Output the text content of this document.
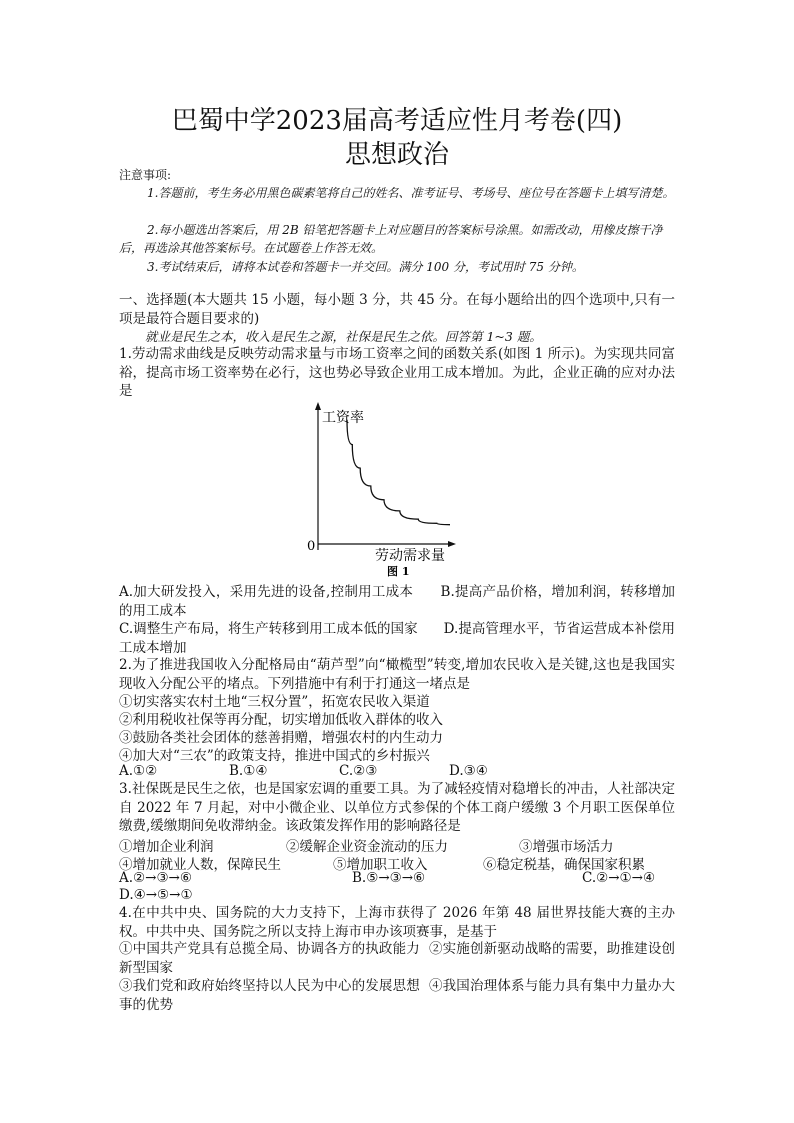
巴蜀中学2023届高考适应性月考卷(四)
思想政治
注意事项:
1.答题前，考生务必用黑色碳素笔将自己的姓名、准考证号、考场号、座位号在答题卡上填写清楚。
2.每小题选出答案后，用 2B 铅笔把答题卡上对应题目的答案标号涂黑。如需改动，用橡皮擦干净后，再选涂其他答案标号。在试题卷上作答无效。
3.考试结束后，请将本试卷和答题卡一并交回。满分 100 分，考试用时 75 分钟。
一、选择题(本大题共 15 小题，每小题 3 分，共 45 分。在每小题给出的四个选项中,只有一项是最符合题目要求的)
就业是民生之本，收入是民生之源，社保是民生之依。回答第 1~3 题。
1.劳动需求曲线是反映劳动需求量与市场工资率之间的函数关系(如图 1 所示)。为实现共同富裕，提高市场工资率势在必行，这也势必导致企业用工成本增加。为此，企业正确的应对办法是
工资率
0
劳动需求量
图 1
A.加大研发投入，采用先进的设备,控制用工成本 B.提高产品价格，增加利润，转移增加的用工成本
C.调整生产布局，将生产转移到用工成本低的国家 D.提高管理水平，节省运营成本补偿用工成本增加
2.为了推进我国收入分配格局由“葫芦型”向“橄榄型”转变,增加农民收入是关键,这也是我国实现收入分配公平的堵点。下列措施中有利于打通这一堵点是
①切实落实农村土地“三权分置”，拓宽农民收入渠道
②利用税收社保等再分配，切实增加低收入群体的收入
③鼓励各类社会团体的慈善捐赠，增强农村的内生动力
④加大对“三农”的政策支持，推进中国式的乡村振兴
A.①②	B.①④	C.②③	D.③④
3.社保既是民生之依，也是国家宏调的重要工具。为了减轻疫情对稳增长的冲击，人社部决定自 2022 年 7 月起，对中小微企业、以单位方式参保的个体工商户缓缴 3 个月职工医保单位缴费,缓缴期间免收滞纳金。该政策发挥作用的影响路径是
①增加企业利润	②缓解企业资金流动的压力	③增强市场活力
④增加就业人数，保障民生	⑤增加职工收入	⑥稳定税基，确保国家积累
A.②→③→⑥	B.⑤→③→⑥	C.②→①→④
D.④→⑤→①
4.在中共中央、国务院的大力支持下，上海市获得了 2026 年第 48 届世界技能大赛的主办权。中共中央、国务院之所以支持上海市申办该项赛事，是基于
①中国共产党具有总揽全局、协调各方的执政能力 ②实施创新驱动战略的需要，助推建设创新型国家
③我们党和政府始终坚持以人民为中心的发展思想 ④我国治理体系与能力具有集中力量办大事的优势
